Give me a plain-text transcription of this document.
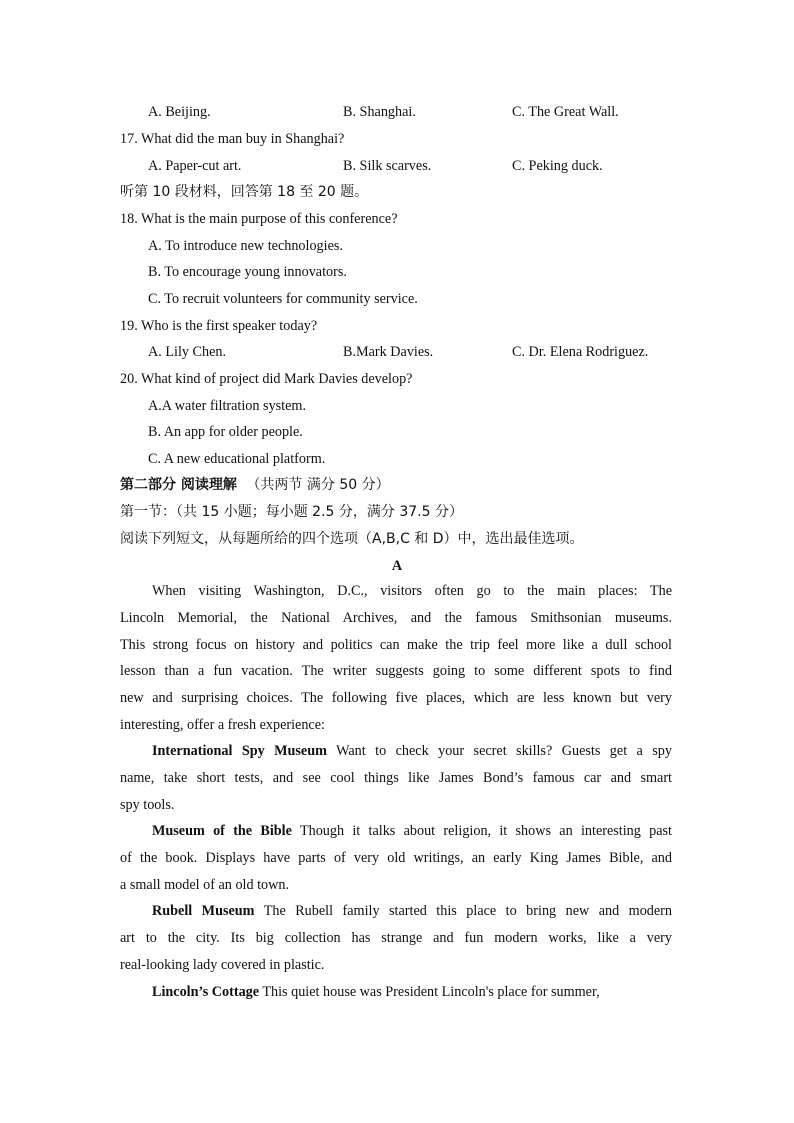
A. Beijing.	B. Shanghai.	C. The Great Wall.
17. What did the man buy in Shanghai?
A. Paper-cut art.	B. Silk scarves.	C. Peking duck.
听第 10 段材料，回答第 18 至 20 题。
18. What is the main purpose of this conference?
A. To introduce new technologies.
B. To encourage young innovators.
C. To recruit volunteers for community service.
19. Who is the first speaker today?
A. Lily Chen.	B.Mark Davies.	C. Dr. Elena Rodriguez.
20. What kind of project did Mark Davies develop?
A.A water filtration system.
B. An app for older people.
C. A new educational platform.
第二部分 阅读理解 （共两节 满分 50 分）
第一节：（共 15 小题；每小题 2.5 分，满分 37.5 分）
阅读下列短文，从每题所给的四个选项（A,B,C 和 D）中，选出最佳选项。
A
When visiting Washington, D.C., visitors often go to the main places: The
Lincoln Memorial, the National Archives, and the famous Smithsonian museums.
This strong focus on history and politics can make the trip feel more like a dull school
lesson than a fun vacation. The writer suggests going to some different spots to find
new and surprising choices. The following five places, which are less known but very
interesting, offer a fresh experience:
International Spy Museum Want to check your secret skills? Guests get a spy
name, take short tests, and see cool things like James Bond’s famous car and smart
spy tools.
Museum of the Bible Though it talks about religion, it shows an interesting past
of the book. Displays have parts of very old writings, an early King James Bible, and
a small model of an old town.
Rubell Museum The Rubell family started this place to bring new and modern
art to the city. Its big collection has strange and fun modern works, like a very
real-looking lady covered in plastic.
Lincoln’s Cottage This quiet house was President Lincoln's place for summer,
